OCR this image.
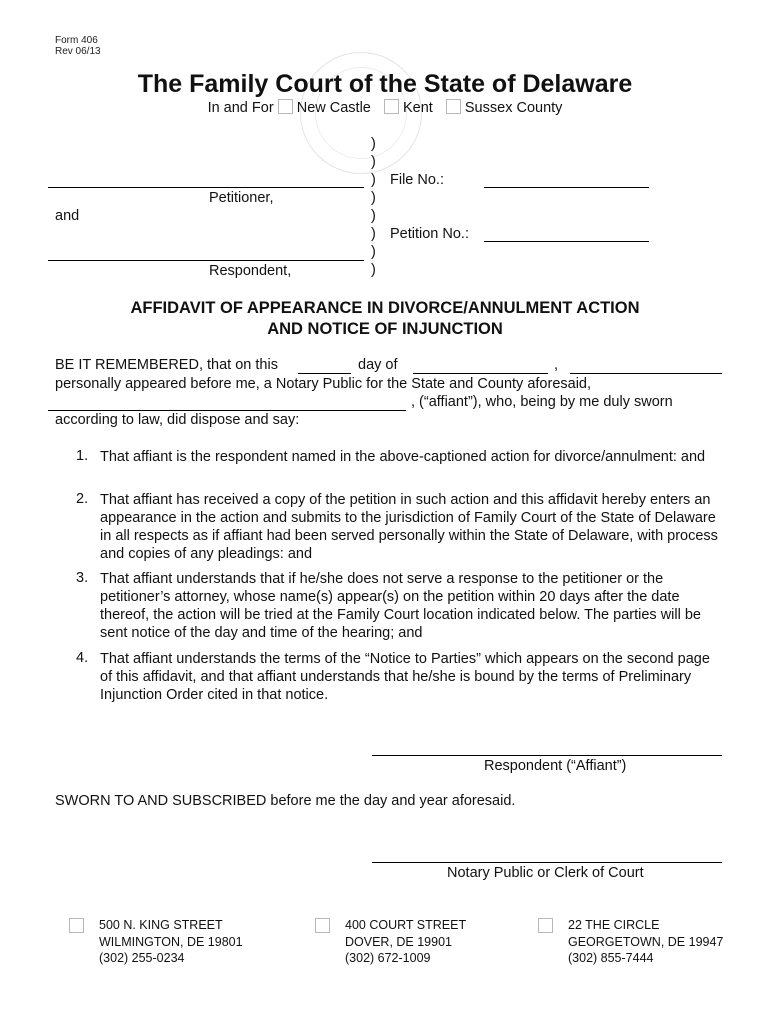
Form 406
Rev 06/13
The Family Court of the State of Delaware
In and For New Castle Kent Sussex County
)
)
)
)
)
)
)
)
Petitioner,
and
Respondent,
File No.:
Petition No.:
AFFIDAVIT OF APPEARANCE IN DIVORCE/ANNULMENT ACTION
AND NOTICE OF INJUNCTION
BE IT REMEMBERED, that on this	day of	,
personally appeared before me, a Notary Public for the State and County aforesaid,
, (“affiant”), who, being by me duly sworn
according to law, did dispose and say:
1. That affiant is the respondent named in the above-captioned action for divorce/annulment: and
2. That affiant has received a copy of the petition in such action and this affidavit hereby enters an appearance in the action and submits to the jurisdiction of Family Court of the State of Delaware in all respects as if affiant had been served personally within the State of Delaware, with process and copies of any pleadings: and
3. That affiant understands that if he/she does not serve a response to the petitioner or the petitioner’s attorney, whose name(s) appear(s) on the petition within 20 days after the date thereof, the action will be tried at the Family Court location indicated below. The parties will be sent notice of the day and time of the hearing; and
4. That affiant understands the terms of the “Notice to Parties” which appears on the second page of this affidavit, and that affiant understands that he/she is bound by the terms of Preliminary Injunction Order cited in that notice.
Respondent (“Affiant”)
SWORN TO AND SUBSCRIBED before me the day and year aforesaid.
Notary Public or Clerk of Court
500 N. KING STREET
WILMINGTON, DE 19801
(302) 255-0234
400 COURT STREET
DOVER, DE 19901
(302) 672-1009
22 THE CIRCLE
GEORGETOWN, DE 19947
(302) 855-7444
